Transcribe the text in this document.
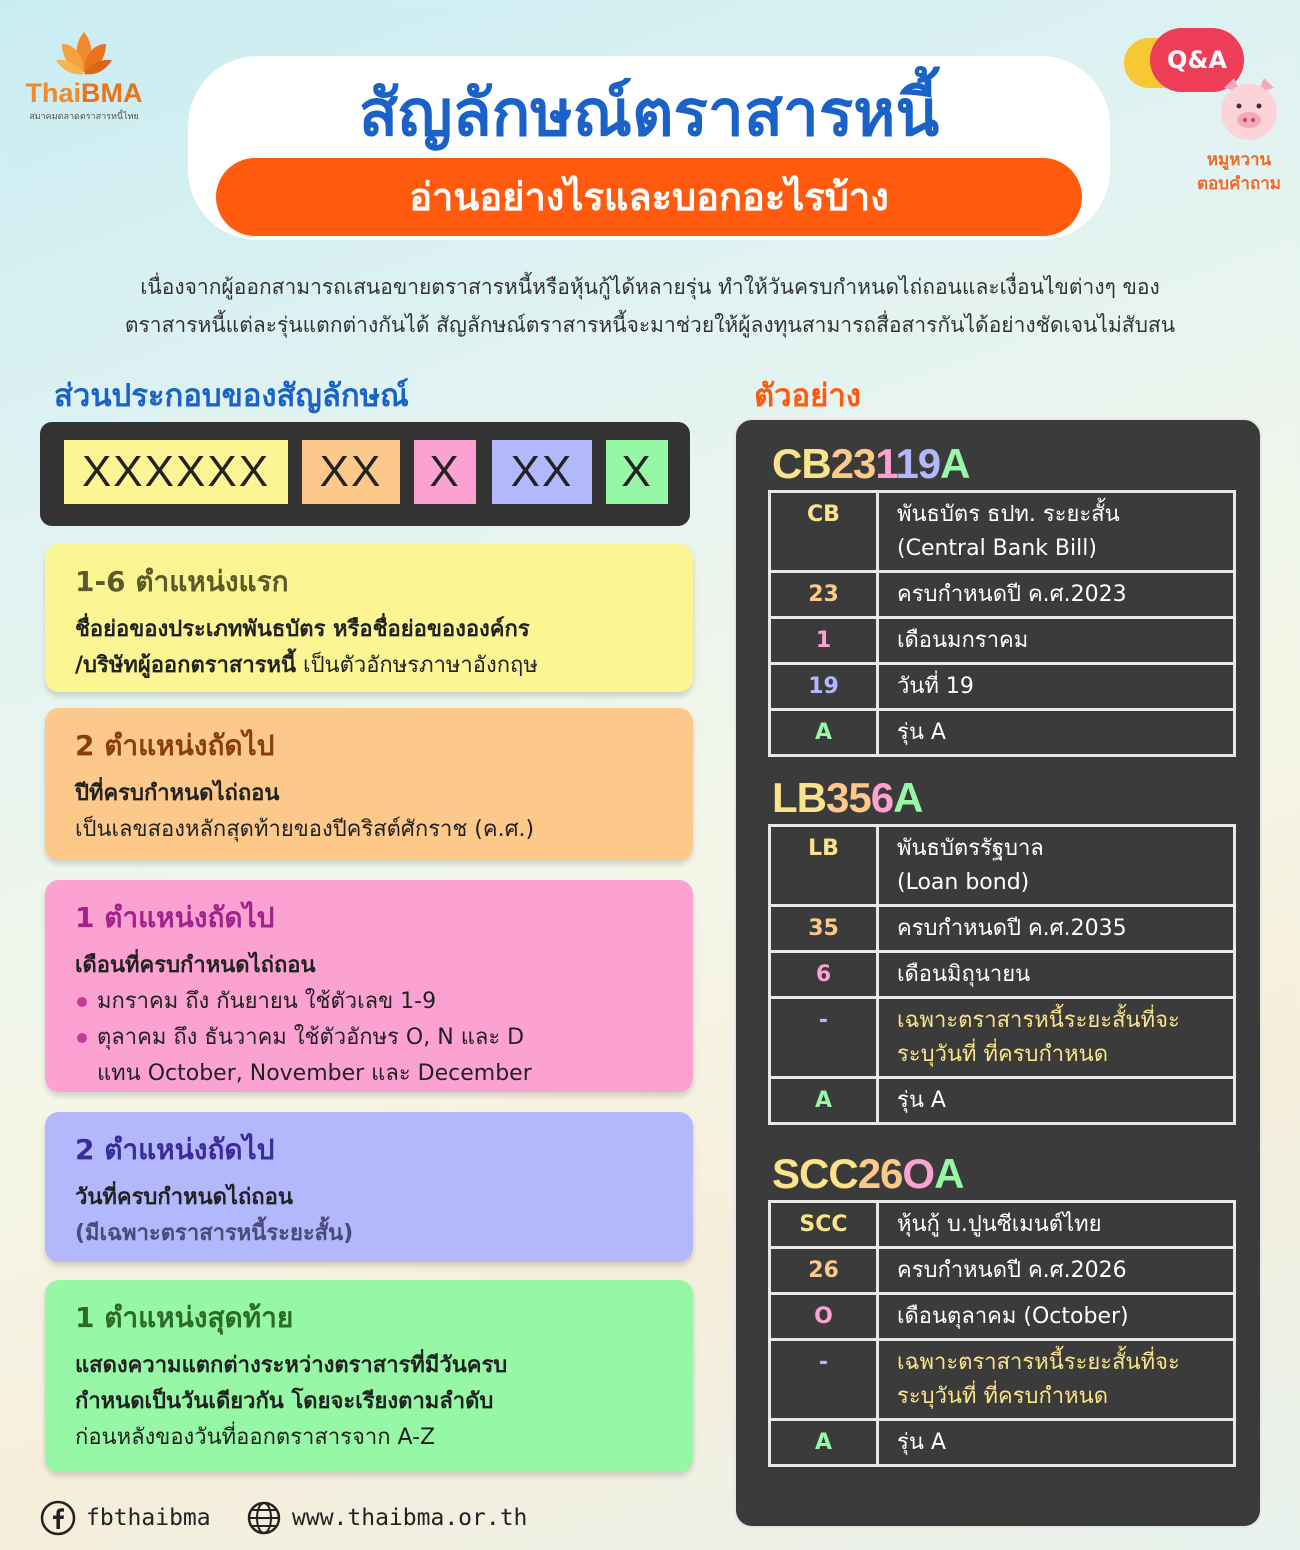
ThaiBMA
สมาคมตลาดตราสารหนี้ไทย	สัญลักษณ์ตราสารหนี้
อ่านอย่างไรและบอกอะไรบ้าง
Q&A
หมูหวาน
ตอบคำถาม
เนื่องจากผู้ออกสามารถเสนอขายตราสารหนี้หรือหุ้นกู้ได้หลายรุ่น ทำให้วันครบกำหนดไถ่ถอนและเงื่อนไขต่างๆ ของ
ตราสารหนี้แต่ละรุ่นแตกต่างกันได้ สัญลักษณ์ตราสารหนี้จะมาช่วยให้ผู้ลงทุนสามารถสื่อสารกันได้อย่างชัดเจนไม่สับสน
ส่วนประกอบของสัญลักษณ์	ตัวอย่าง
XXXXXX	XX	X	XX	X
1-6 ตำแหน่งแรก
ชื่อย่อของประเภทพันธบัตร หรือชื่อย่อขององค์กร
/บริษัทผู้ออกตราสารหนี้ เป็นตัวอักษรภาษาอังกฤษ
2 ตำแหน่งถัดไป
ปีที่ครบกำหนดไถ่ถอน
เป็นเลขสองหลักสุดท้ายของปีคริสต์ศักราช (ค.ศ.)
1 ตำแหน่งถัดไป
เดือนที่ครบกำหนดไถ่ถอน
มกราคม ถึง กันยายน ใช้ตัวเลข 1-9
ตุลาคม ถึง ธันวาคม ใช้ตัวอักษร O, N และ D
แทน October, November และ December
2 ตำแหน่งถัดไป
วันที่ครบกำหนดไถ่ถอน
(มีเฉพาะตราสารหนี้ระยะสั้น)
1 ตำแหน่งสุดท้าย
แสดงความแตกต่างระหว่างตราสารที่มีวันครบ
กำหนดเป็นวันเดียวกัน โดยจะเรียงตามลำดับ
ก่อนหลังของวันที่ออกตราสารจาก A-Z
CB23119A
CB	พันธบัตร ธปท. ระยะสั้น
(Central Bank Bill)

23	ครบกำหนดปี ค.ศ.2023
1	เดือนมกราคม
19	วันที่ 19
A	รุ่น A
LB356A
LB	พันธบัตรรัฐบาล
(Loan bond)

35	ครบกำหนดปี ค.ศ.2035
6	เดือนมิถุนายน
-	เฉพาะตราสารหนี้ระยะสั้นที่จะ
ระบุวันที่ ที่ครบกำหนด

A	รุ่น A
SCC26OA
SCC	หุ้นกู้ บ.ปูนซีเมนต์ไทย
26	ครบกำหนดปี ค.ศ.2026
O	เดือนตุลาคม (October)
-	เฉพาะตราสารหนี้ระยะสั้นที่จะ
ระบุวันที่ ที่ครบกำหนด

A	รุ่น A
fbthaibma	www.thaibma.or.th
